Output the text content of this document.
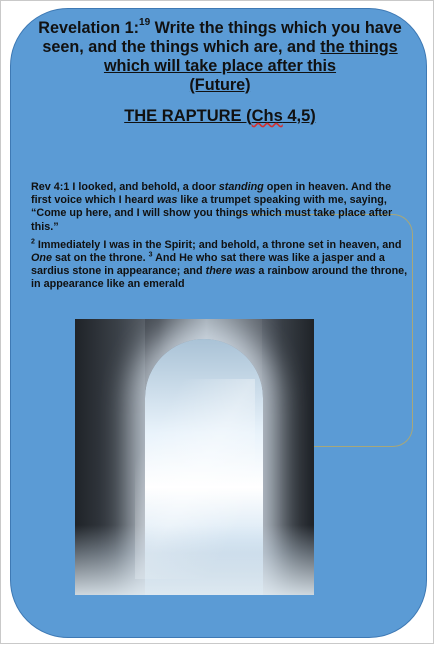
Revelation 1:$^{19}$ Write the things which you have seen, and the things which are, and the things which will take place after this
(Future)
THE RAPTURE (Chs 4,5)

Rev 4:1 I looked, and behold, a door standing open in heaven. And the first voice which I heard was like a trumpet speaking with me, saying, “Come up here, and I will show you things which must take place after this.”

$^2$ Immediately I was in the Spirit; and behold, a throne set in heaven, and One sat on the throne. $^3$ And He who sat there was like a jasper and a sardius stone in appearance; and there was a rainbow around the throne, in appearance like an emerald
